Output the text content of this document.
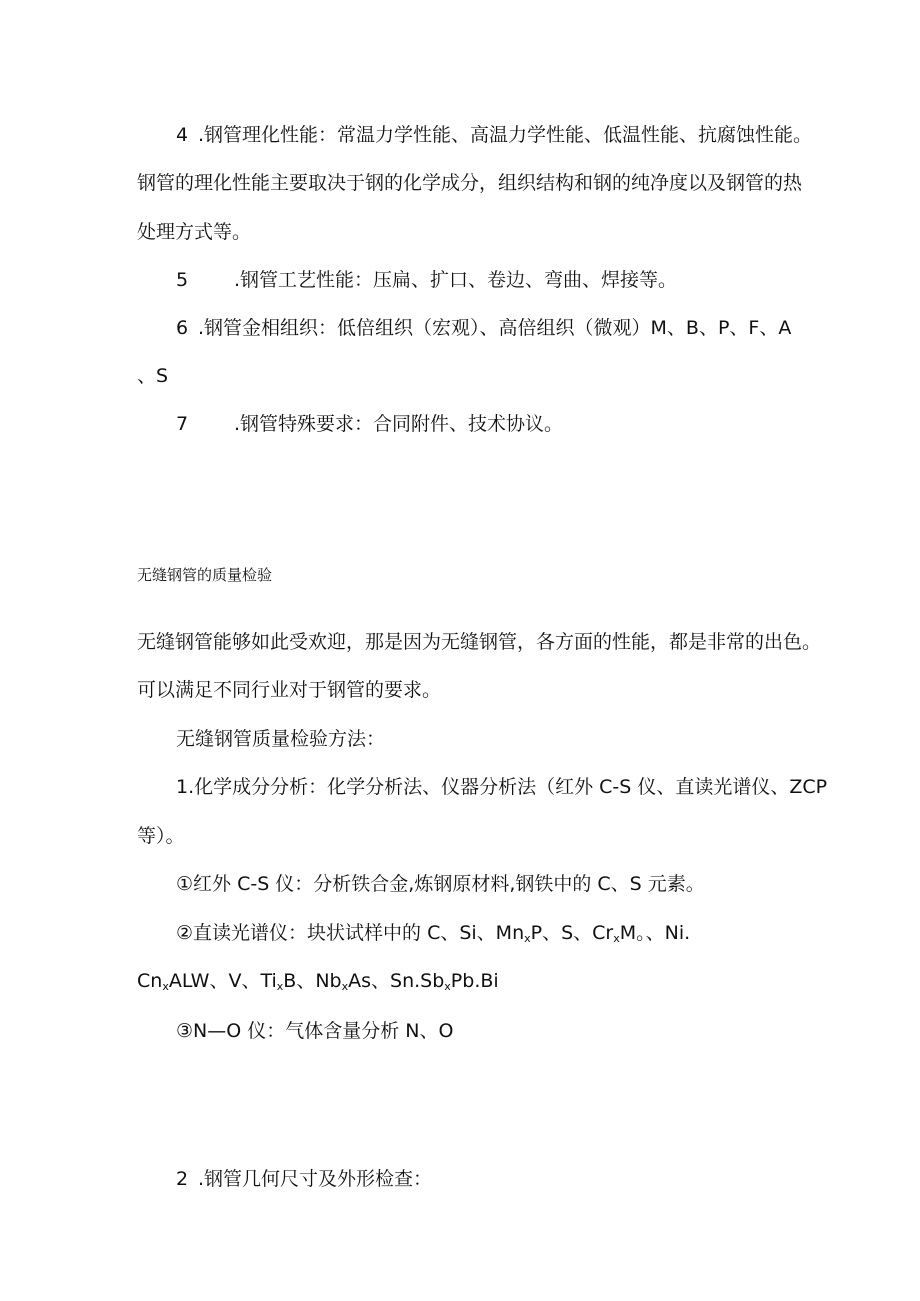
4 .钢管理化性能：常温力学性能、高温力学性能、低温性能、抗腐蚀性能。
钢管的理化性能主要取决于钢的化学成分，组织结构和钢的纯净度以及钢管的热
处理方式等。
5 .钢管工艺性能：压扁、扩口、卷边、弯曲、焊接等。
6 .钢管金相组织：低倍组织（宏观）、高倍组织（微观）M、B、P、F、A
、S
7 .钢管特殊要求：合同附件、技术协议。
无缝钢管的质量检验
无缝钢管能够如此受欢迎，那是因为无缝钢管，各方面的性能，都是非常的出色。
可以满足不同行业对于钢管的要求。
无缝钢管质量检验方法：
1.化学成分分析：化学分析法、仪器分析法（红外 C-S 仪、直读光谱仪、ZCP
等）。
①红外 C-S 仪：分析铁合金,炼钢原材料,钢铁中的 C、S 元素。
②直读光谱仪：块状试样中的 C、Si、$Mn_xP$、S、$Cr_xM$。、Ni.
$Cn_xALW$、V、$Ti_xB$、$Nb_xAs$、$Sn.Sb_xPb.Bi$
③N—O 仪：气体含量分析 N、O
2 .钢管几何尺寸及外形检查：
